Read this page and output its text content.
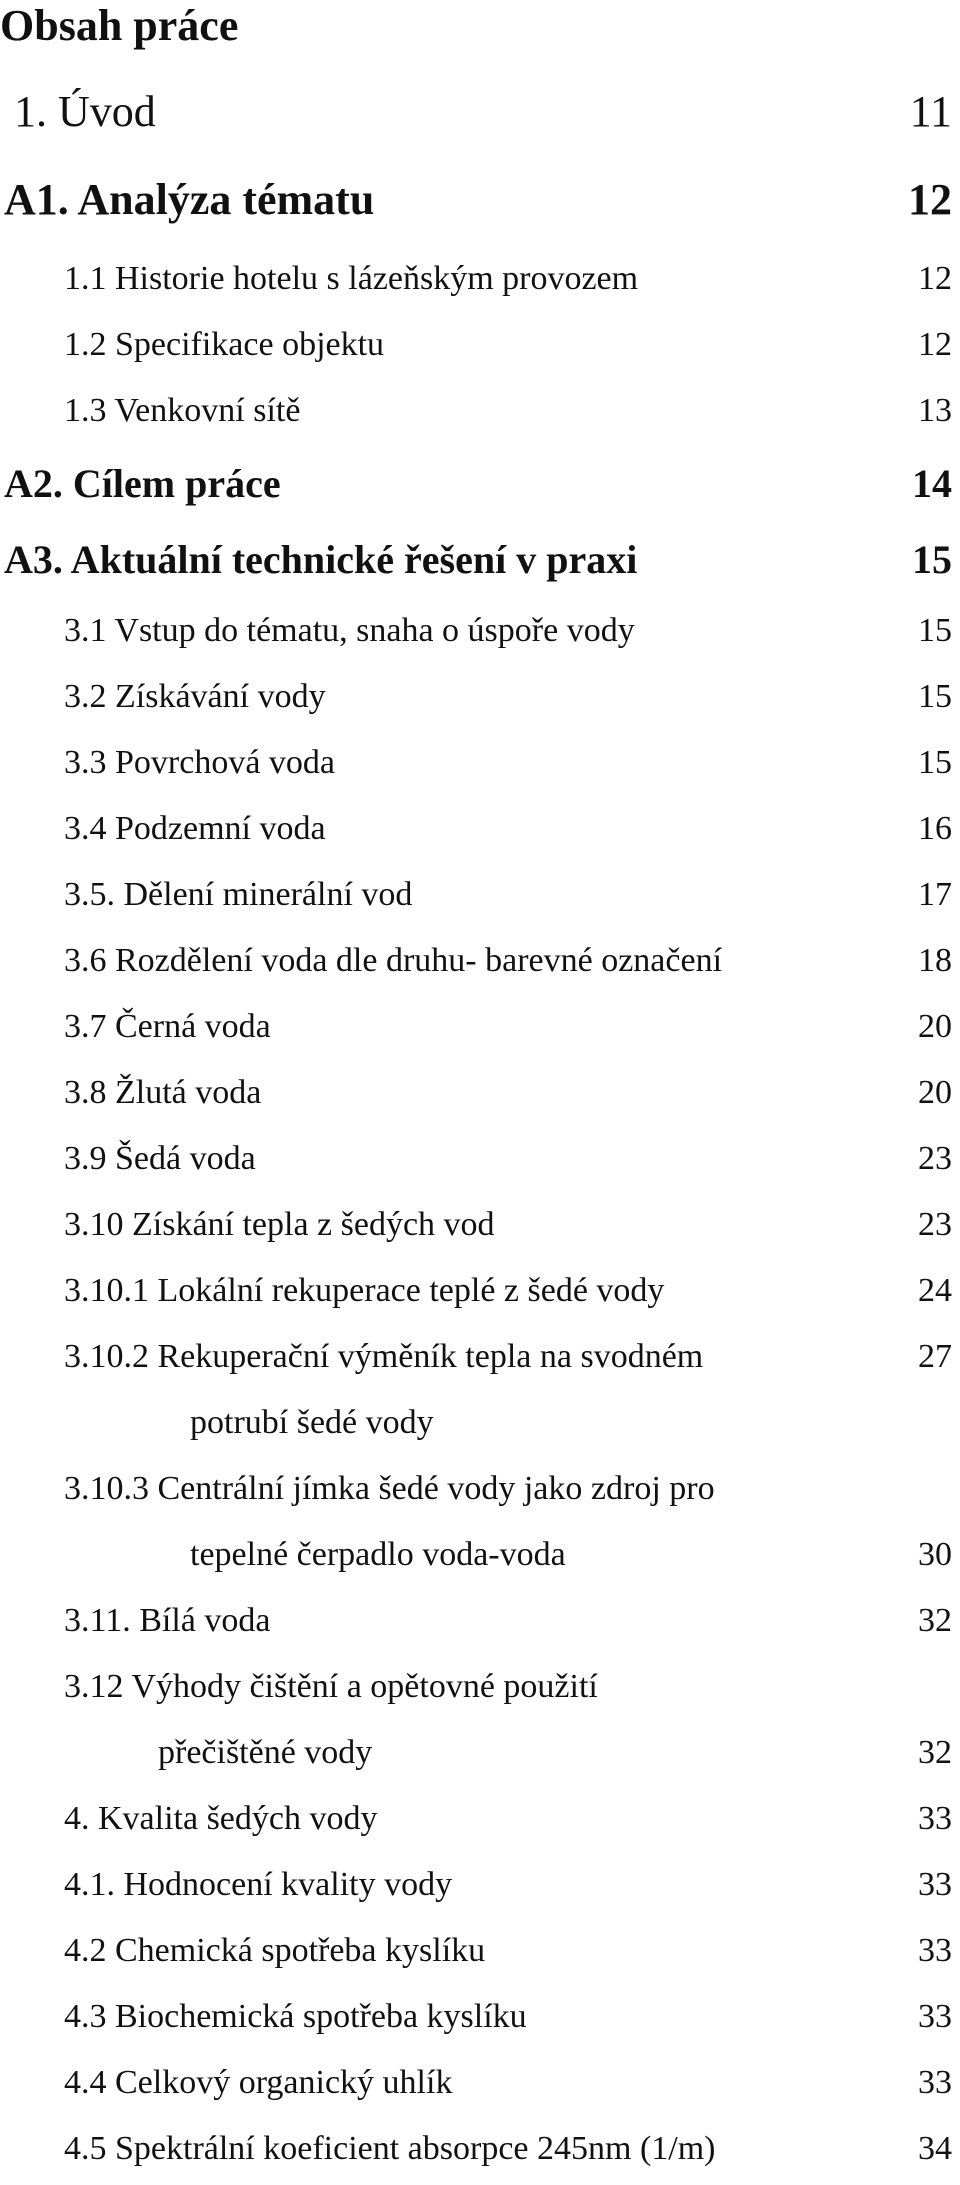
Obsah práce
1. Úvod	11
A1. Analýza tématu	12
1.1 Historie hotelu s lázeňským provozem	12
1.2 Specifikace objektu	12
1.3 Venkovní sítě	13
A2. Cílem práce	14
A3. Aktuální technické řešení v praxi	15
3.1 Vstup do tématu, snaha o úspoře vody	15
3.2 Získávání vody	15
3.3 Povrchová voda	15
3.4 Podzemní voda	16
3.5. Dělení minerální vod	17
3.6 Rozdělení voda dle druhu- barevné označení	18
3.7 Černá voda	20
3.8 Žlutá voda	20
3.9 Šedá voda	23
3.10 Získání tepla z šedých vod	23
3.10.1 Lokální rekuperace teplé z šedé vody	24
3.10.2 Rekuperační výměník tepla na svodném	27
potrubí šedé vody
3.10.3 Centrální jímka šedé vody jako zdroj pro
tepelné čerpadlo voda-voda	30
3.11. Bílá voda	32
3.12 Výhody čištění a opětovné použití
přečištěné vody	32
4. Kvalita šedých vody	33
4.1. Hodnocení kvality vody	33
4.2 Chemická spotřeba kyslíku	33
4.3 Biochemická spotřeba kyslíku	33
4.4 Celkový organický uhlík	33
4.5 Spektrální koeficient absorpce 245nm (1/m)	34
